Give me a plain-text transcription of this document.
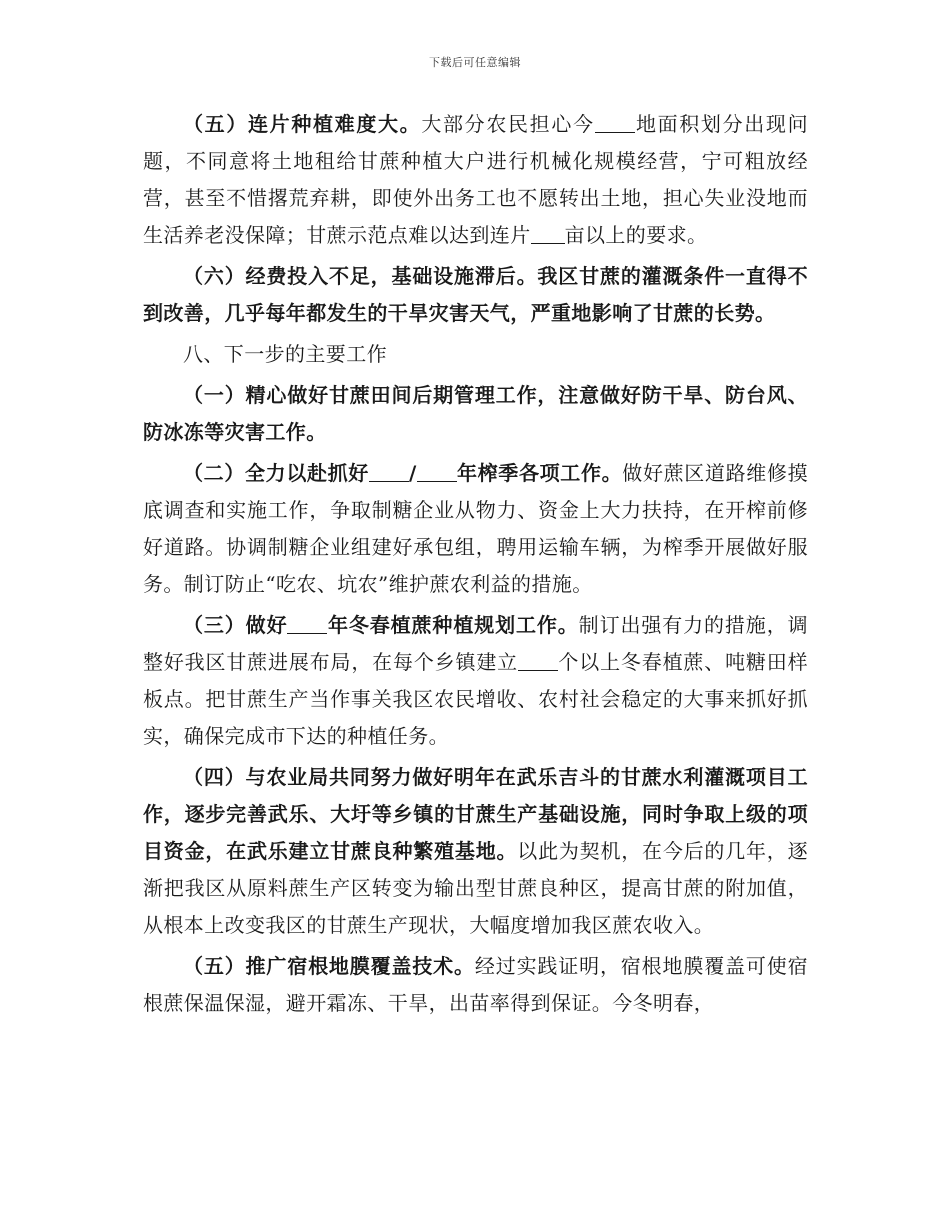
下载后可任意编辑

（五）连片种植难度大。大部分农民担心今 地面积划分出现问题，不同意将土地租给甘蔗种植大户进行机械化规模经营，宁可粗放经营，甚至不惜撂荒弃耕，即使外出务工也不愿转出土地，担心失业没地而生活养老没保障；甘蔗示范点难以达到连片 亩以上的要求。

（六）经费投入不足，基础设施滞后。我区甘蔗的灌溉条件一直得不到改善，几乎每年都发生的干旱灾害天气，严重地影响了甘蔗的长势。

八、下一步的主要工作

（一）精心做好甘蔗田间后期管理工作，注意做好防干旱、防台风、防冰冻等灾害工作。

（二）全力以赴抓好 / 年榨季各项工作。做好蔗区道路维修摸底调查和实施工作，争取制糖企业从物力、资金上大力扶持，在开榨前修好道路。协调制糖企业组建好承包组，聘用运输车辆，为榨季开展做好服务。制订防止“吃农、坑农”维护蔗农利益的措施。

（三）做好 年冬春植蔗种植规划工作。制订出强有力的措施，调整好我区甘蔗进展布局，在每个乡镇建立 个以上冬春植蔗、吨糖田样板点。把甘蔗生产当作事关我区农民增收、农村社会稳定的大事来抓好抓实，确保完成市下达的种植任务。

（四）与农业局共同努力做好明年在武乐吉斗的甘蔗水利灌溉项目工作，逐步完善武乐、大圩等乡镇的甘蔗生产基础设施，同时争取上级的项目资金，在武乐建立甘蔗良种繁殖基地。以此为契机，在今后的几年，逐渐把我区从原料蔗生产区转变为输出型甘蔗良种区，提高甘蔗的附加值，从根本上改变我区的甘蔗生产现状，大幅度增加我区蔗农收入。

（五）推广宿根地膜覆盖技术。经过实践证明，宿根地膜覆盖可使宿根蔗保温保湿，避开霜冻、干旱，出苗率得到保证。今冬明春，
